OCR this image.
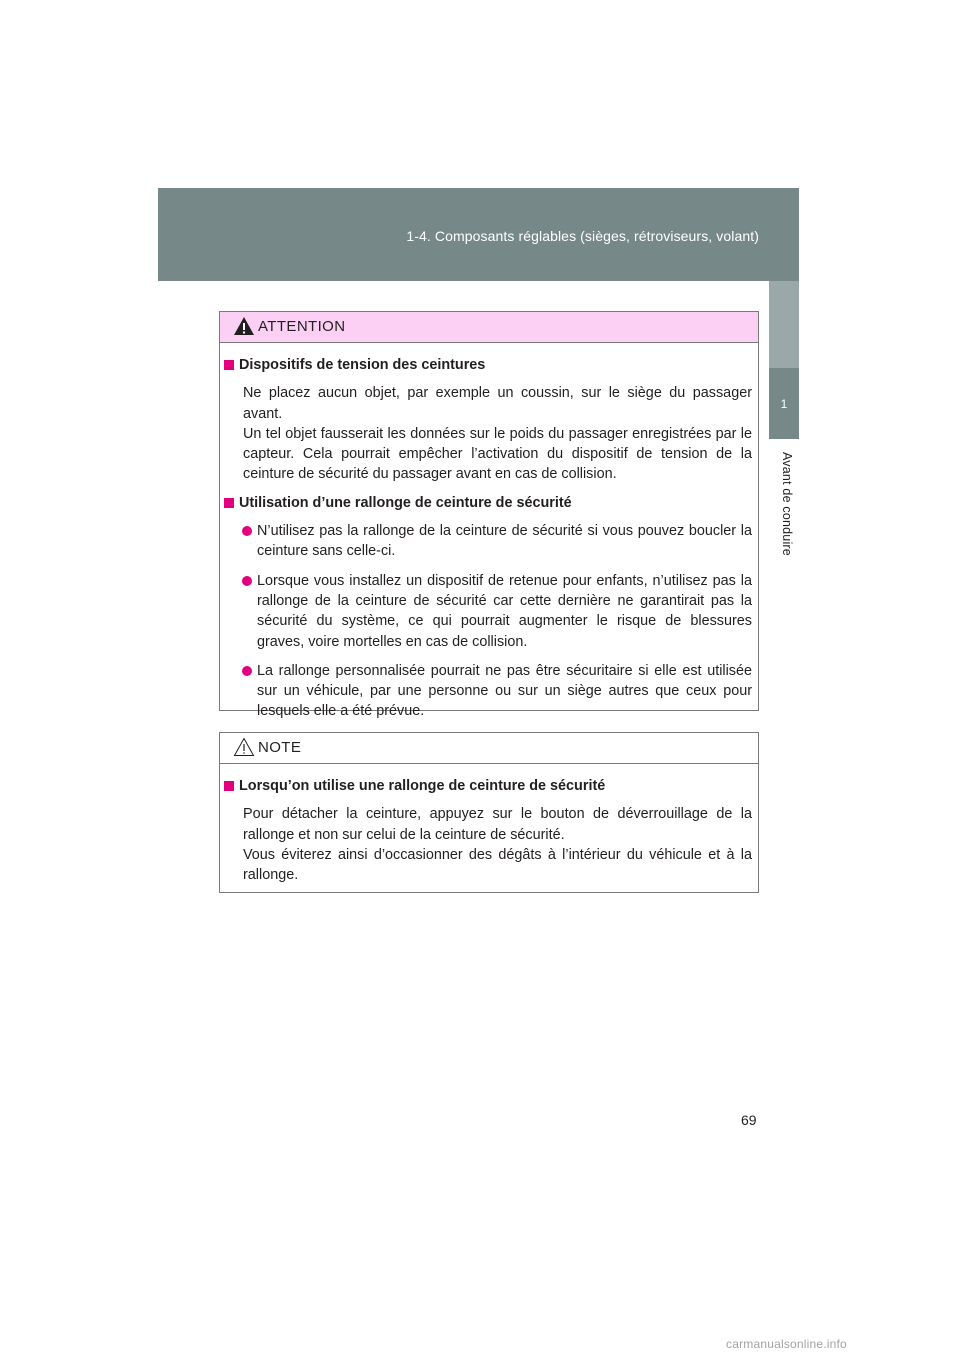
1-4. Composants réglables (sièges, rétroviseurs, volant)
1
Avant de conduire
ATTENTION
Dispositifs de tension des ceintures
Ne placez aucun objet, par exemple un coussin, sur le siège du passager avant.
Un tel objet fausserait les données sur le poids du passager enregistrées par le capteur. Cela pourrait empêcher l’activation du dispositif de tension de la ceinture de sécurité du passager avant en cas de collision.
Utilisation d’une rallonge de ceinture de sécurité
N’utilisez pas la rallonge de la ceinture de sécurité si vous pouvez boucler la ceinture sans celle-ci.
Lorsque vous installez un dispositif de retenue pour enfants, n’utilisez pas la rallonge de la ceinture de sécurité car cette dernière ne garantirait pas la sécurité du système, ce qui pourrait augmenter le risque de blessures graves, voire mortelles en cas de collision.
La rallonge personnalisée pourrait ne pas être sécuritaire si elle est utilisée sur un véhicule, par une personne ou sur un siège autres que ceux pour lesquels elle a été prévue.
NOTE
Lorsqu’on utilise une rallonge de ceinture de sécurité
Pour détacher la ceinture, appuyez sur le bouton de déverrouillage de la rallonge et non sur celui de la ceinture de sécurité.
Vous éviterez ainsi d’occasionner des dégâts à l’intérieur du véhicule et à la rallonge.
69
carmanualsonline.info
